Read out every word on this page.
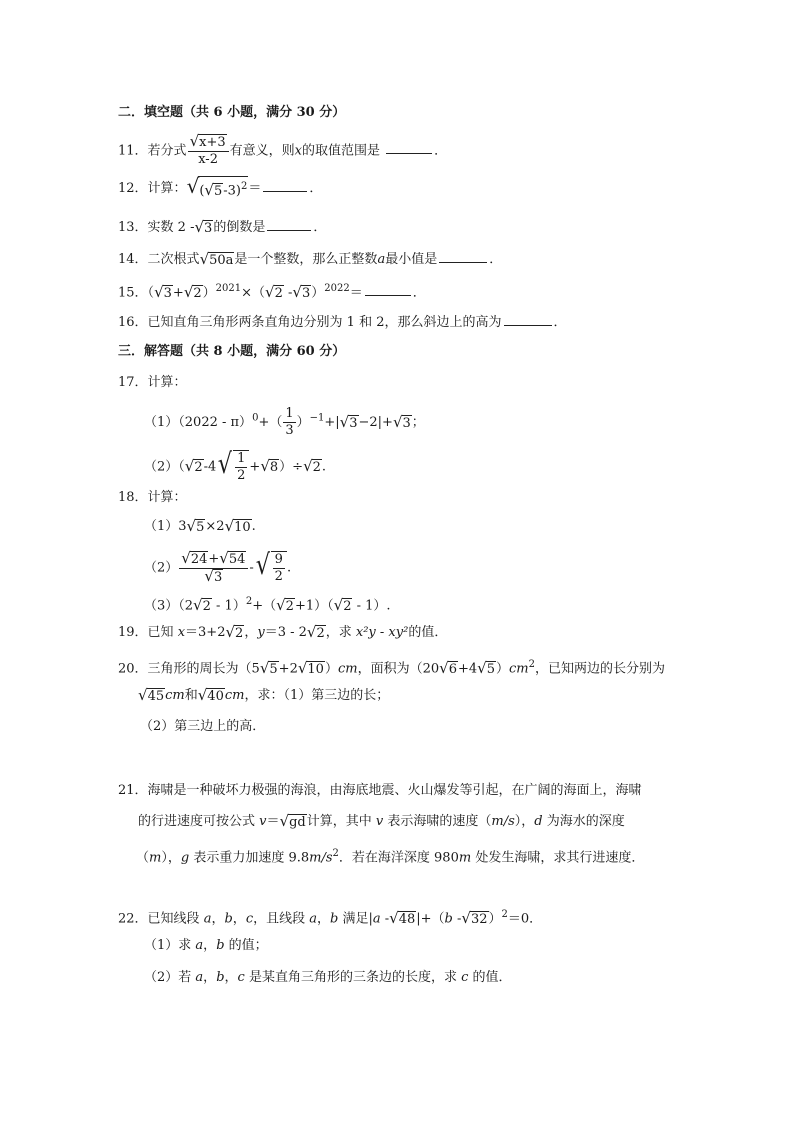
二．填空题（共 6 小题，满分 30 分）
11．若分式 $\frac{√ x+3}{x-2}$ 有意义，则x的取值范围是	．
12．计算： √ ( √ 5 -3)$^2$ ＝	．
13．实数 2 - √ 3 的倒数是	．
14．二次根式 √ 50a 是一个整数，那么正整数a最小值是	．
15．（ √ 3 + √ 2 ）$^{2021}$×（ √ 2 - √ 3 ）$^{2022}$＝	．
16．已知直角三角形两条直角边分别为 1 和 2，那么斜边上的高为	．
三．解答题（共 8 小题，满分 60 分）
17．计算：
$(1)(2022 - \pi)^0+( \frac{1}{3} )^{-1}+|$ √ 3 −2|+ √ 3 ；
（2）（ √ 2 -4 √ $\frac{1}{2}$ + √ 8 ）÷ √ 2 .
18．计算：
（1）3 √ 5 ×2 √ 10 .
$(2) \frac{√ 24 + √ 54}{√ 3}$ - √ $\frac{9}{2}$ .
（3）（2 √ 2 - 1）$^2$+（ √ 2 +1）（ √ 2 - 1）.
19．已知 x＝3+2 √ 2 ，y＝3 - 2 √ 2 ，求 x²y - xy²的值．
20．三角形的周长为（5 √ 5 +2 √ 10 ）cm，面积为（20 √ 6 +4 √ 5 ）$cm^2$，已知两边的长分别为
√ 45 cm和 √ 40 cm，求：（1）第三边的长；
（2）第三边上的高．
21．海啸是一种破坏力极强的海浪，由海底地震、火山爆发等引起，在广阔的海面上，海啸
的行进速度可按公式 v＝ √ gd 计算，其中 v 表示海啸的速度（m/s），d 为海水的深度
（m），g 表示重力加速度 $9.8m/s^2$．若在海洋深度 980m 处发生海啸，求其行进速度．
22．已知线段 a，b，c，且线段 a，b 满足|a - √ 48 |+（b - √ 32 ）$^2$＝0．
（1）求 a，b 的值；
（2）若 a，b，c 是某直角三角形的三条边的长度，求 c 的值．
